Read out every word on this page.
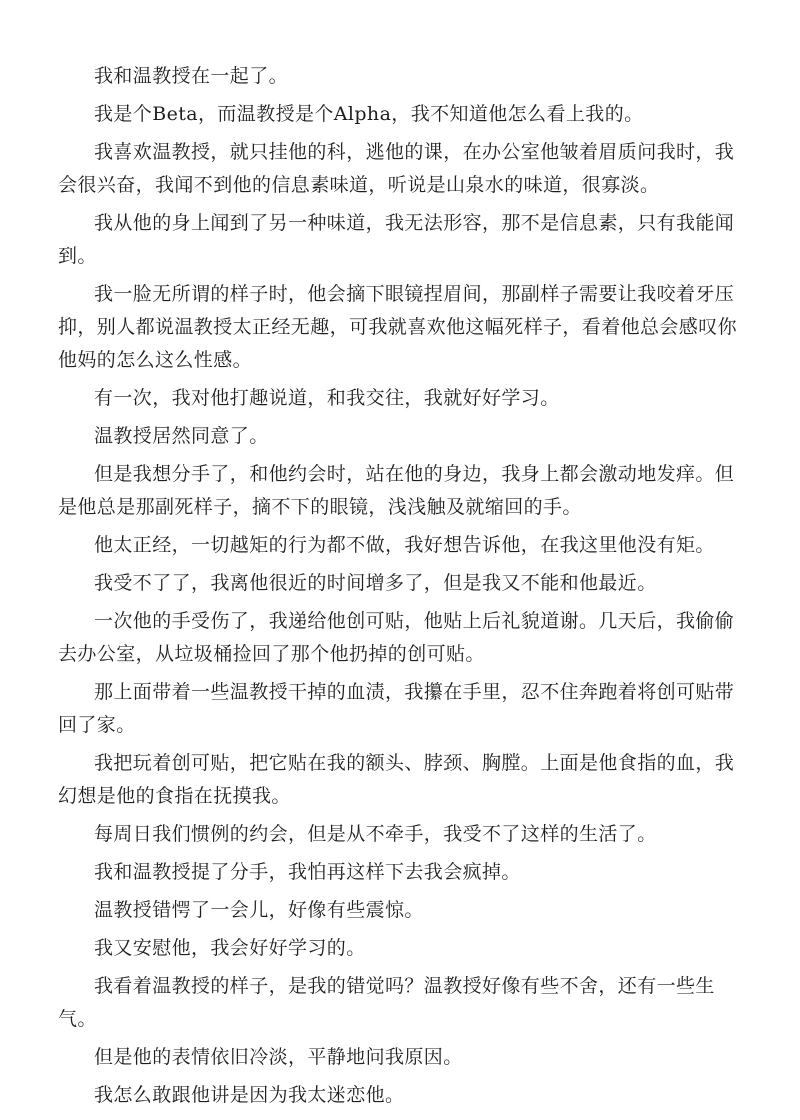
我和温教授在一起了。

我是个Beta，而温教授是个Alpha，我不知道他怎么看上我的。

我喜欢温教授，就只挂他的科，逃他的课，在办公室他皱着眉质问我时，我会很兴奋，我闻不到他的信息素味道，听说是山泉水的味道，很寡淡。

我从他的身上闻到了另一种味道，我无法形容，那不是信息素，只有我能闻到。

我一脸无所谓的样子时，他会摘下眼镜捏眉间，那副样子需要让我咬着牙压抑，别人都说温教授太正经无趣，可我就喜欢他这幅死样子，看着他总会感叹你他妈的怎么这么性感。

有一次，我对他打趣说道，和我交往，我就好好学习。

温教授居然同意了。

但是我想分手了，和他约会时，站在他的身边，我身上都会激动地发痒。但是他总是那副死样子，摘不下的眼镜，浅浅触及就缩回的手。

他太正经，一切越矩的行为都不做，我好想告诉他，在我这里他没有矩。

我受不了了，我离他很近的时间增多了，但是我又不能和他最近。

一次他的手受伤了，我递给他创可贴，他贴上后礼貌道谢。几天后，我偷偷去办公室，从垃圾桶捡回了那个他扔掉的创可贴。

那上面带着一些温教授干掉的血渍，我攥在手里，忍不住奔跑着将创可贴带回了家。

我把玩着创可贴，把它贴在我的额头、脖颈、胸膛。上面是他食指的血，我幻想是他的食指在抚摸我。

每周日我们惯例的约会，但是从不牵手，我受不了这样的生活了。

我和温教授提了分手，我怕再这样下去我会疯掉。

温教授错愕了一会儿，好像有些震惊。

我又安慰他，我会好好学习的。

我看着温教授的样子，是我的错觉吗？温教授好像有些不舍，还有一些生气。

但是他的表情依旧冷淡，平静地问我原因。

我怎么敢跟他讲是因为我太迷恋他。
